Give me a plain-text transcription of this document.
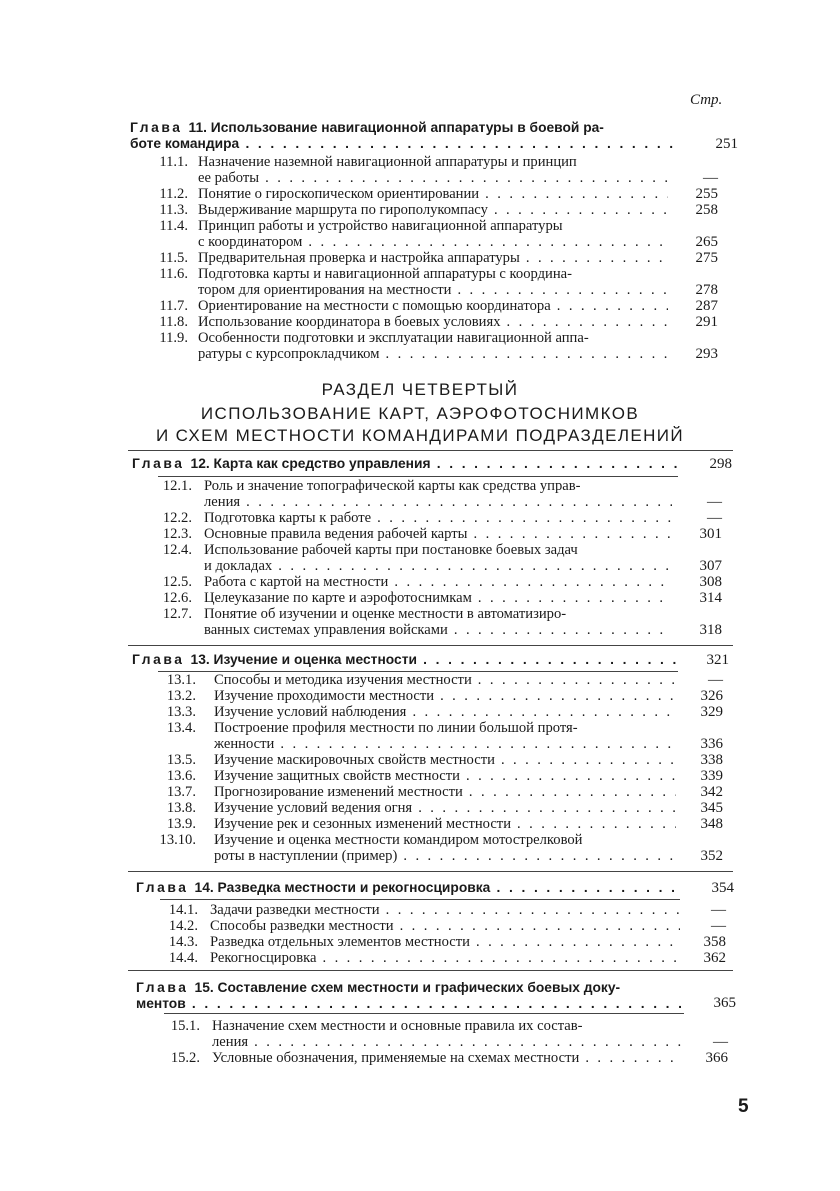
Стр.
Глава 11. Использование навигационной аппаратуры в боевой ра-
боте командира . . .	251
11.1. Назначение наземной навигационной аппаратуры и принцип
ее работы . . .	—
11.2. Понятие о гироскопическом ориентировании . . .	255
11.3. Выдерживание маршрута по гирополукомпасу . . .	258
11.4. Принцип работы и устройство навигационной аппаратуры
с координатором . . .	265
11.5. Предварительная проверка и настройка аппаратуры . . .	275
11.6. Подготовка карты и навигационной аппаратуры с координа-
тором для ориентирования на местности . . .	278
11.7. Ориентирование на местности с помощью координатора . . .	287
11.8. Использование координатора в боевых условиях . . .	291
11.9. Особенности подготовки и эксплуатации навигационной аппа-
ратуры с курсопрокладчиком . . .	293
РАЗДЕЛ ЧЕТВЕРТЫЙ
ИСПОЛЬЗОВАНИЕ КАРТ, АЭРОФОТОСНИМКОВ
И СХЕМ МЕСТНОСТИ КОМАНДИРАМИ ПОДРАЗДЕЛЕНИЙ
Глава 12. Карта как средство управления . . .	298
12.1. Роль и значение топографической карты как средства управ-
ления . . .	—
12.2. Подготовка карты к работе . . .	—
12.3. Основные правила ведения рабочей карты . . .	301
12.4. Использование рабочей карты при постановке боевых задач
и докладах . . .	307
12.5. Работа с картой на местности . . .	308
12.6. Целеуказание по карте и аэрофотоснимкам . . .	314
12.7. Понятие об изучении и оценке местности в автоматизиро-
ванных системах управления войсками . . .	318
Глава 13. Изучение и оценка местности . . .	321
13.1. Способы и методика изучения местности . . .	—
13.2. Изучение проходимости местности . . .	326
13.3. Изучение условий наблюдения . . .	329
13.4. Построение профиля местности по линии большой протя-
женности . . .	336
13.5. Изучение маскировочных свойств местности . . .	338
13.6. Изучение защитных свойств местности . . .	339
13.7. Прогнозирование изменений местности . . .	342
13.8. Изучение условий ведения огня . . .	345
13.9. Изучение рек и сезонных изменений местности . . .	348
13.10. Изучение и оценка местности командиром мотострелковой
роты в наступлении (пример) . . .	352
Глава 14. Разведка местности и рекогносцировка . . .	354
14.1. Задачи разведки местности . . .	—
14.2. Способы разведки местности . . .	—
14.3. Разведка отдельных элементов местности . . .	358
14.4. Рекогносцировка . . .	362
Глава 15. Составление схем местности и графических боевых доку-
ментов . . .	365
15.1. Назначение схем местности и основные правила их состав-
ления . . .	—
15.2. Условные обозначения, применяемые на схемах местности . . .	366
5
